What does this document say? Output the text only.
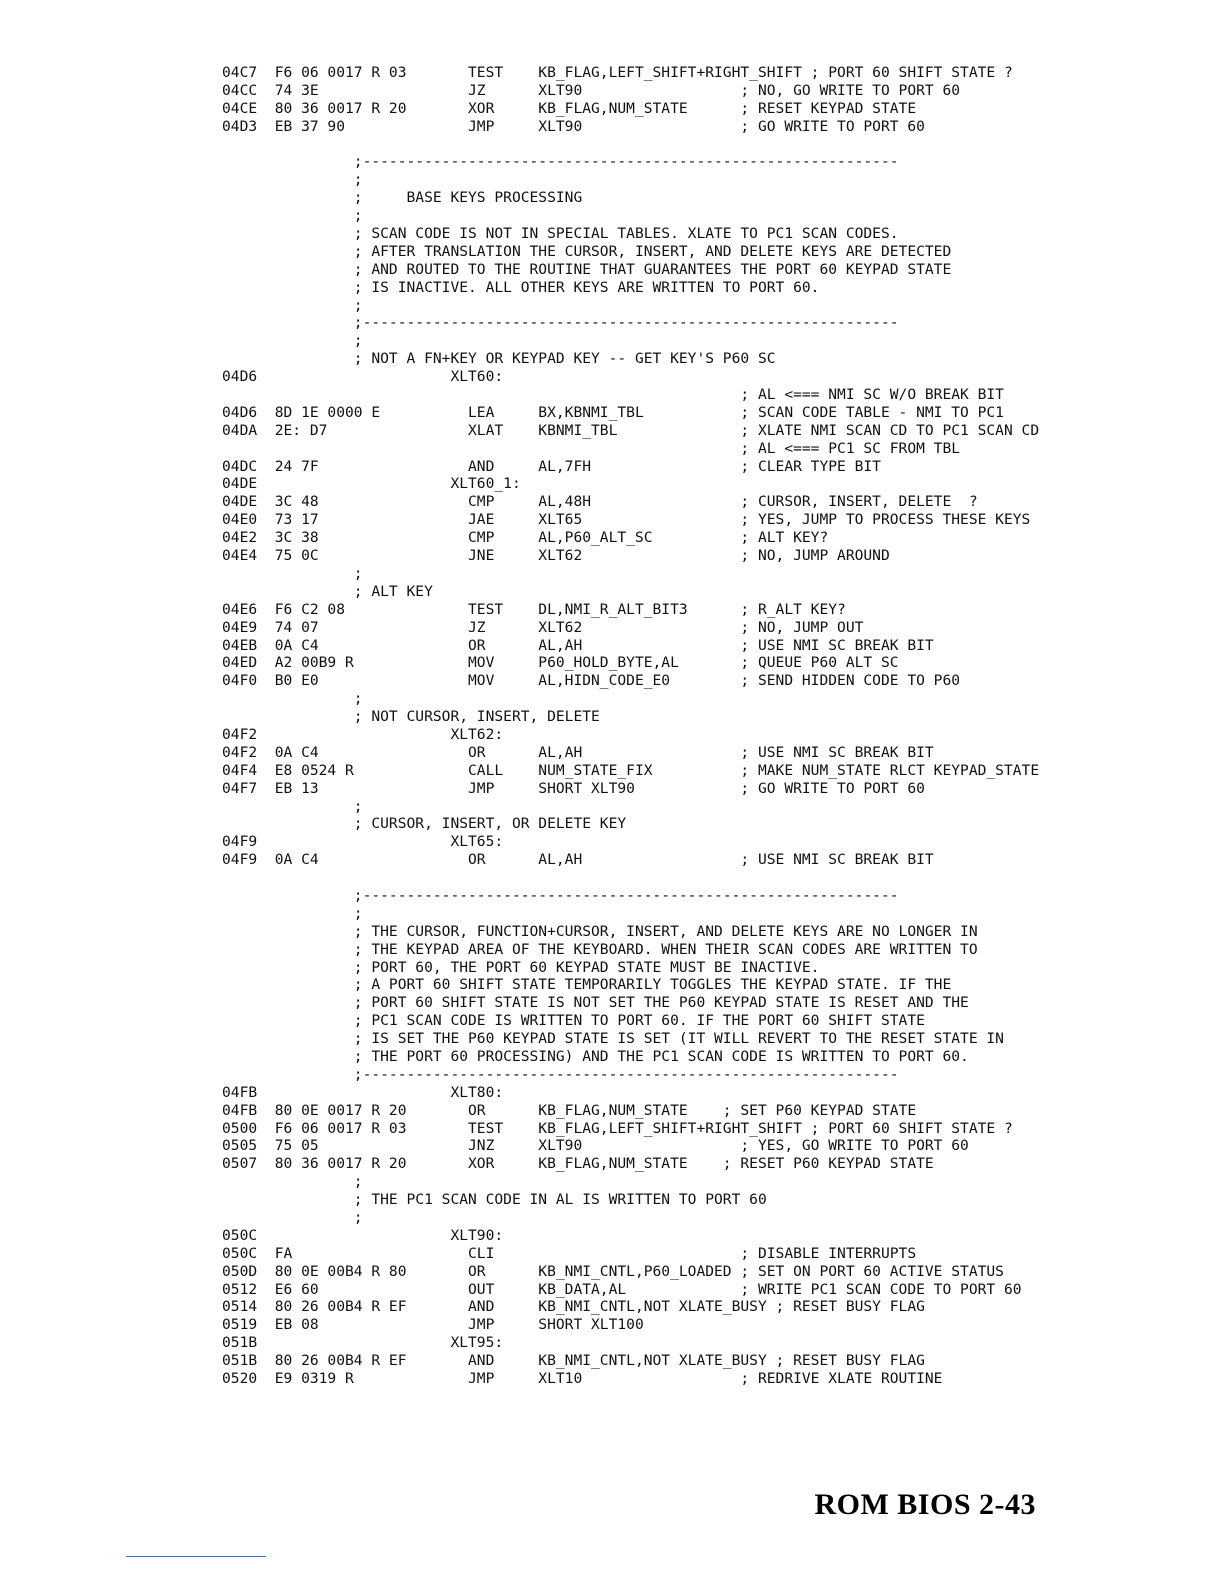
04C7  F6 06 0017 R 03       TEST    KB_FLAG,LEFT_SHIFT+RIGHT_SHIFT ; PORT 60 SHIFT STATE ?
04CC  74 3E                 JZ      XLT90                  ; NO, GO WRITE TO PORT 60
04CE  80 36 0017 R 20       XOR     KB_FLAG,NUM_STATE      ; RESET KEYPAD STATE
04D3  EB 37 90              JMP     XLT90                  ; GO WRITE TO PORT 60
;-------------------------------------------------------------
;
;     BASE KEYS PROCESSING
;
; SCAN CODE IS NOT IN SPECIAL TABLES. XLATE TO PC1 SCAN CODES.
; AFTER TRANSLATION THE CURSOR, INSERT, AND DELETE KEYS ARE DETECTED
; AND ROUTED TO THE ROUTINE THAT GUARANTEES THE PORT 60 KEYPAD STATE
; IS INACTIVE. ALL OTHER KEYS ARE WRITTEN TO PORT 60.
;
;-------------------------------------------------------------
;
; NOT A FN+KEY OR KEYPAD KEY -- GET KEY'S P60 SC
04D6                      XLT60:
; AL <=== NMI SC W/O BREAK BIT
04D6  8D 1E 0000 E          LEA     BX,KBNMI_TBL           ; SCAN CODE TABLE - NMI TO PC1
04DA  2E: D7                XLAT    KBNMI_TBL              ; XLATE NMI SCAN CD TO PC1 SCAN CD
; AL <=== PC1 SC FROM TBL
04DC  24 7F                 AND     AL,7FH                 ; CLEAR TYPE BIT
04DE                      XLT60_1:
04DE  3C 48                 CMP     AL,48H                 ; CURSOR, INSERT, DELETE  ?
04E0  73 17                 JAE     XLT65                  ; YES, JUMP TO PROCESS THESE KEYS
04E2  3C 38                 CMP     AL,P60_ALT_SC          ; ALT KEY?
04E4  75 0C                 JNE     XLT62                  ; NO, JUMP AROUND
;
; ALT KEY
04E6  F6 C2 08              TEST    DL,NMI_R_ALT_BIT3      ; R_ALT KEY?
04E9  74 07                 JZ      XLT62                  ; NO, JUMP OUT
04EB  0A C4                 OR      AL,AH                  ; USE NMI SC BREAK BIT
04ED  A2 00B9 R             MOV     P60_HOLD_BYTE,AL       ; QUEUE P60 ALT SC
04F0  B0 E0                 MOV     AL,HIDN_CODE_E0        ; SEND HIDDEN CODE TO P60
;
; NOT CURSOR, INSERT, DELETE
04F2                      XLT62:
04F2  0A C4                 OR      AL,AH                  ; USE NMI SC BREAK BIT
04F4  E8 0524 R             CALL    NUM_STATE_FIX          ; MAKE NUM_STATE RLCT KEYPAD_STATE
04F7  EB 13                 JMP     SHORT XLT90            ; GO WRITE TO PORT 60
;
; CURSOR, INSERT, OR DELETE KEY
04F9                      XLT65:
04F9  0A C4                 OR      AL,AH                  ; USE NMI SC BREAK BIT
;-------------------------------------------------------------
;
; THE CURSOR, FUNCTION+CURSOR, INSERT, AND DELETE KEYS ARE NO LONGER IN
; THE KEYPAD AREA OF THE KEYBOARD. WHEN THEIR SCAN CODES ARE WRITTEN TO
; PORT 60, THE PORT 60 KEYPAD STATE MUST BE INACTIVE.
; A PORT 60 SHIFT STATE TEMPORARILY TOGGLES THE KEYPAD STATE. IF THE
; PORT 60 SHIFT STATE IS NOT SET THE P60 KEYPAD STATE IS RESET AND THE
; PC1 SCAN CODE IS WRITTEN TO PORT 60. IF THE PORT 60 SHIFT STATE
; IS SET THE P60 KEYPAD STATE IS SET (IT WILL REVERT TO THE RESET STATE IN
; THE PORT 60 PROCESSING) AND THE PC1 SCAN CODE IS WRITTEN TO PORT 60.
;-------------------------------------------------------------
04FB                      XLT80:
04FB  80 0E 0017 R 20       OR      KB_FLAG,NUM_STATE    ; SET P60 KEYPAD STATE
0500  F6 06 0017 R 03       TEST    KB_FLAG,LEFT_SHIFT+RIGHT_SHIFT ; PORT 60 SHIFT STATE ?
0505  75 05                 JNZ     XLT90                  ; YES, GO WRITE TO PORT 60
0507  80 36 0017 R 20       XOR     KB_FLAG,NUM_STATE    ; RESET P60 KEYPAD STATE
;
; THE PC1 SCAN CODE IN AL IS WRITTEN TO PORT 60
;
050C                      XLT90:
050C  FA                    CLI                            ; DISABLE INTERRUPTS
050D  80 0E 00B4 R 80       OR      KB_NMI_CNTL,P60_LOADED ; SET ON PORT 60 ACTIVE STATUS
0512  E6 60                 OUT     KB_DATA,AL             ; WRITE PC1 SCAN CODE TO PORT 60
0514  80 26 00B4 R EF       AND     KB_NMI_CNTL,NOT XLATE_BUSY ; RESET BUSY FLAG
0519  EB 08                 JMP     SHORT XLT100
051B                      XLT95:
051B  80 26 00B4 R EF       AND     KB_NMI_CNTL,NOT XLATE_BUSY ; RESET BUSY FLAG
0520  E9 0319 R             JMP     XLT10                  ; REDRIVE XLATE ROUTINE
ROM BIOS 2-43
